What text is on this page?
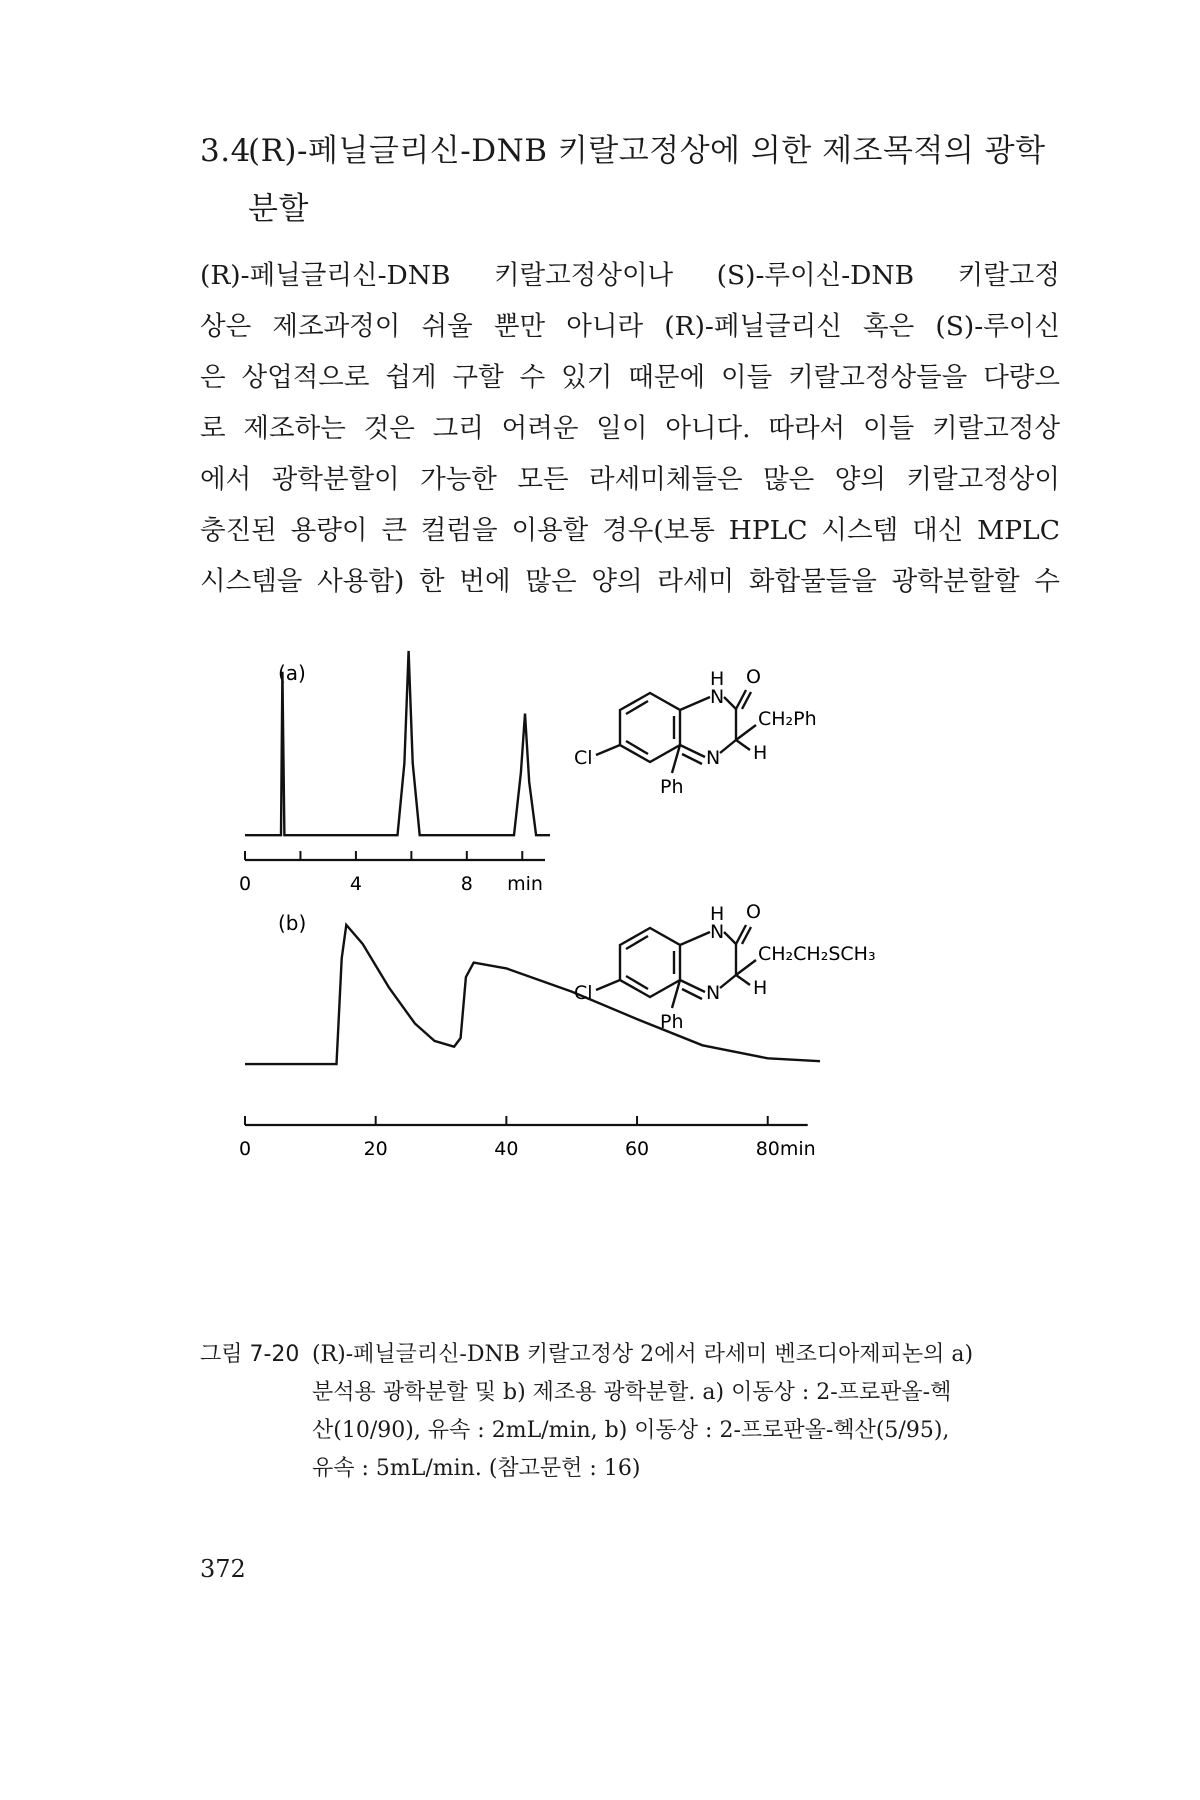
3.4(R)-페닐글리신-DNB 키랄고정상에 의한 제조목적의 광학
분할
(R)-페닐글리신-DNB 키랄고정상이나 (S)-루이신-DNB 키랄고정
상은 제조과정이 쉬울 뿐만 아니라 (R)-페닐글리신 혹은 (S)-루이신
은 상업적으로 쉽게 구할 수 있기 때문에 이들 키랄고정상들을 다량으
로 제조하는 것은 그리 어려운 일이 아니다. 따라서 이들 키랄고정상
에서 광학분할이 가능한 모든 라세미체들은 많은 양의 키랄고정상이
충진된 용량이 큰 컬럼을 이용할 경우(보통 HPLC 시스템 대신 MPLC
시스템을 사용함) 한 번에 많은 양의 라세미 화합물들을 광학분할할 수
(a)
0	4	8 min
H O
N
CH₂Ph
H
N
Cl
Ph
(b)
0	20	40	60	80min
H O
N
CH₂CH₂SCH₃
H
N
Cl
Ph
그림 7-20 (R)-페닐글리신-DNB 키랄고정상 2에서 라세미 벤조디아제피논의 a)
분석용 광학분할 및 b) 제조용 광학분할. a) 이동상 : 2-프로판올-헥
산(10/90), 유속 : 2mL/min, b) 이동상 : 2-프로판올-헥산(5/95),
유속 : 5mL/min. (참고문헌 : 16)
372
